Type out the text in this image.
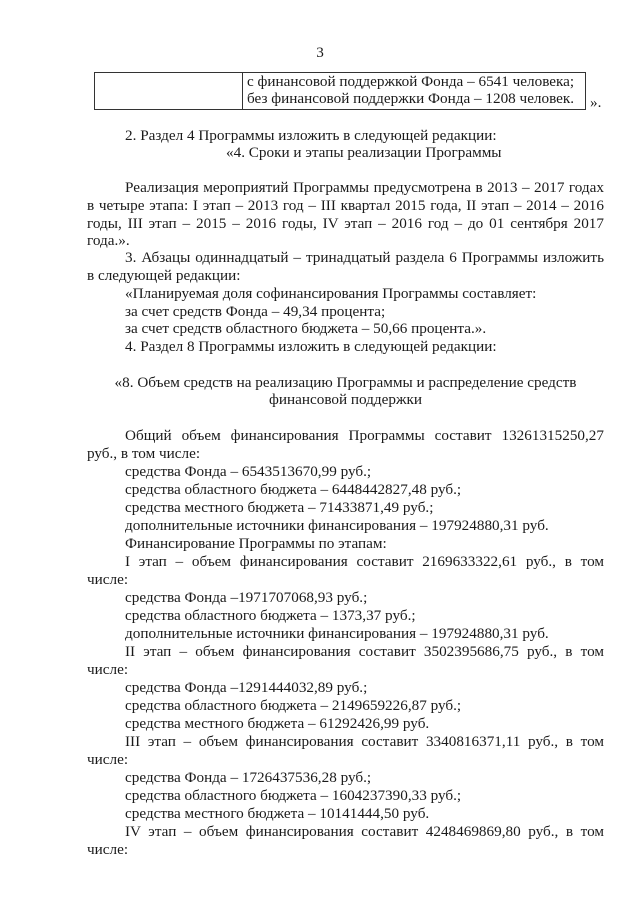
3

с финансовой поддержкой Фонда – 6541 человека;
без финансовой поддержки Фонда – 1208 человек.	».
2. Раздел 4 Программы изложить в следующей редакции:
«4. Сроки и этапы реализации Программы
Реализация мероприятий Программы предусмотрена в 2013 – 2017 годах
в четыре этапа: I этап – 2013 год – III квартал 2015 года, II этап – 2014 – 2016
годы, III этап – 2015 – 2016 годы, IV этап – 2016 год – до 01 сентября 2017
года.».
3. Абзацы одиннадцатый – тринадцатый раздела 6 Программы изложить
в следующей редакции:
«Планируемая доля софинансирования Программы составляет:
за счет средств Фонда – 49,34 процента;
за счет средств областного бюджета – 50,66 процента.».
4. Раздел 8 Программы изложить в следующей редакции:
«8. Объем средств на реализацию Программы и распределение средств
финансовой поддержки
Общий объем финансирования Программы составит 13261315250,27
руб., в том числе:
средства Фонда – 6543513670,99 руб.;
средства областного бюджета – 6448442827,48 руб.;
средства местного бюджета – 71433871,49 руб.;
дополнительные источники финансирования – 197924880,31 руб.
Финансирование Программы по этапам:
I этап – объем финансирования составит 2169633322,61 руб., в том
числе:
средства Фонда –1971707068,93 руб.;
средства областного бюджета – 1373,37 руб.;
дополнительные источники финансирования – 197924880,31 руб.
II этап – объем финансирования составит 3502395686,75 руб., в том
числе:
средства Фонда –1291444032,89 руб.;
средства областного бюджета – 2149659226,87 руб.;
средства местного бюджета – 61292426,99 руб.
III этап – объем финансирования составит 3340816371,11 руб., в том
числе:
средства Фонда – 1726437536,28 руб.;
средства областного бюджета – 1604237390,33 руб.;
средства местного бюджета – 10141444,50 руб.
IV этап – объем финансирования составит 4248469869,80 руб., в том
числе:
